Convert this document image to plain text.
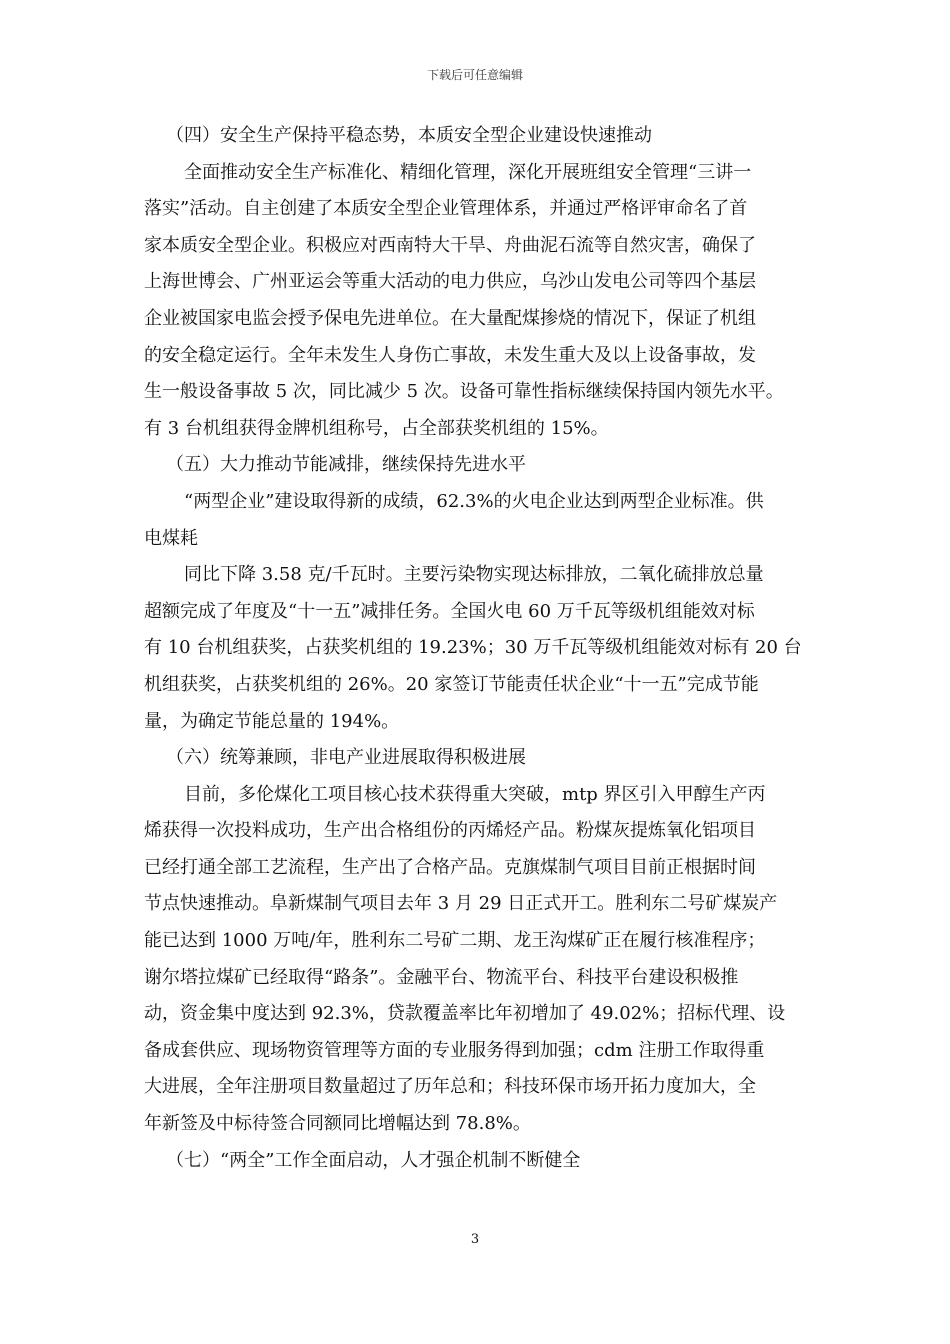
下载后可任意编辑
（四）安全生产保持平稳态势，本质安全型企业建设快速推动
全面推动安全生产标准化、精细化管理，深化开展班组安全管理“三讲一
落实”活动。自主创建了本质安全型企业管理体系，并通过严格评审命名了首
家本质安全型企业。积极应对西南特大干旱、舟曲泥石流等自然灾害，确保了
上海世博会、广州亚运会等重大活动的电力供应，乌沙山发电公司等四个基层
企业被国家电监会授予保电先进单位。在大量配煤掺烧的情况下，保证了机组
的安全稳定运行。全年未发生人身伤亡事故，未发生重大及以上设备事故，发
生一般设备事故 5 次，同比减少 5 次。设备可靠性指标继续保持国内领先水平。
有 3 台机组获得金牌机组称号，占全部获奖机组的 15%。
（五）大力推动节能减排，继续保持先进水平
“两型企业”建设取得新的成绩，62.3%的火电企业达到两型企业标准。供
电煤耗
同比下降 3.58 克/千瓦时。主要污染物实现达标排放，二氧化硫排放总量
超额完成了年度及“十一五”减排任务。全国火电 60 万千瓦等级机组能效对标
有 10 台机组获奖，占获奖机组的 19.23%；30 万千瓦等级机组能效对标有 20 台
机组获奖，占获奖机组的 26%。20 家签订节能责任状企业“十一五”完成节能
量，为确定节能总量的 194%。
（六）统筹兼顾，非电产业进展取得积极进展
目前，多伦煤化工项目核心技术获得重大突破，mtp 界区引入甲醇生产丙
烯获得一次投料成功，生产出合格组份的丙烯烃产品。粉煤灰提炼氧化铝项目
已经打通全部工艺流程，生产出了合格产品。克旗煤制气项目目前正根据时间
节点快速推动。阜新煤制气项目去年 3 月 29 日正式开工。胜利东二号矿煤炭产
能已达到 1000 万吨/年，胜利东二号矿二期、龙王沟煤矿正在履行核准程序；
谢尔塔拉煤矿已经取得“路条”。金融平台、物流平台、科技平台建设积极推
动，资金集中度达到 92.3%，贷款覆盖率比年初增加了 49.02%；招标代理、设
备成套供应、现场物资管理等方面的专业服务得到加强；cdm 注册工作取得重
大进展，全年注册项目数量超过了历年总和；科技环保市场开拓力度加大，全
年新签及中标待签合同额同比增幅达到 78.8%。
（七）“两全”工作全面启动，人才强企机制不断健全
3
